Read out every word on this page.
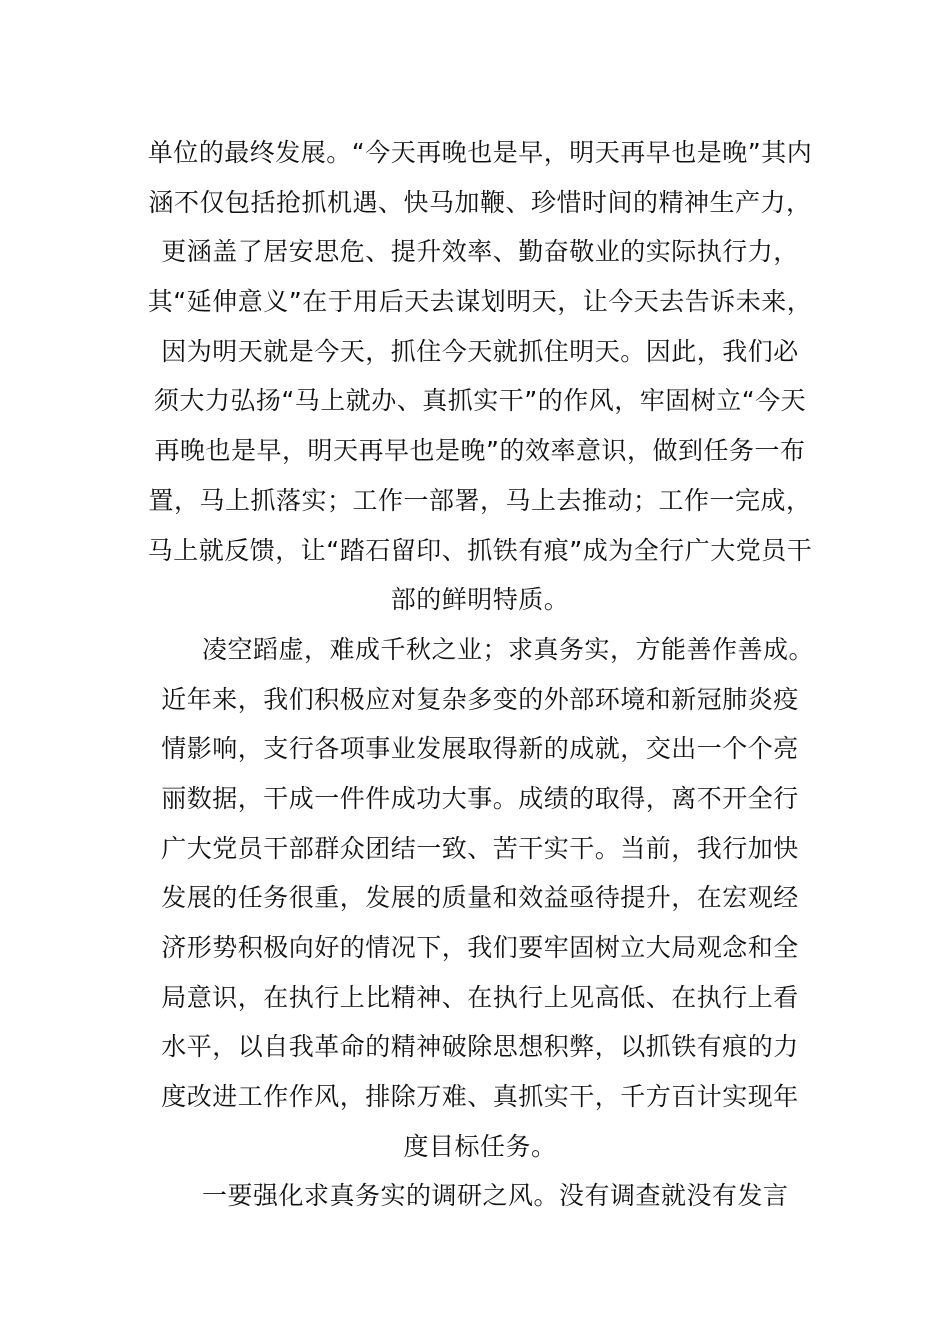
单位的最终发展。“今天再晚也是早，明天再早也是晚”其内
涵不仅包括抢抓机遇、快马加鞭、珍惜时间的精神生产力，
更涵盖了居安思危、提升效率、勤奋敬业的实际执行力，
其“延伸意义”在于用后天去谋划明天，让今天去告诉未来，
因为明天就是今天，抓住今天就抓住明天。因此，我们必
须大力弘扬“马上就办、真抓实干”的作风，牢固树立“今天
再晚也是早，明天再早也是晚”的效率意识，做到任务一布
置，马上抓落实；工作一部署，马上去推动；工作一完成，
马上就反馈，让“踏石留印、抓铁有痕”成为全行广大党员干
部的鲜明特质。
凌空蹈虚，难成千秋之业；求真务实，方能善作善成。
近年来，我们积极应对复杂多变的外部环境和新冠肺炎疫
情影响，支行各项事业发展取得新的成就，交出一个个亮
丽数据，干成一件件成功大事。成绩的取得，离不开全行
广大党员干部群众团结一致、苦干实干。当前，我行加快
发展的任务很重，发展的质量和效益亟待提升，在宏观经
济形势积极向好的情况下，我们要牢固树立大局观念和全
局意识，在执行上比精神、在执行上见高低、在执行上看
水平，以自我革命的精神破除思想积弊，以抓铁有痕的力
度改进工作作风，排除万难、真抓实干，千方百计实现年
度目标任务。
一要强化求真务实的调研之风。没有调查就没有发言
